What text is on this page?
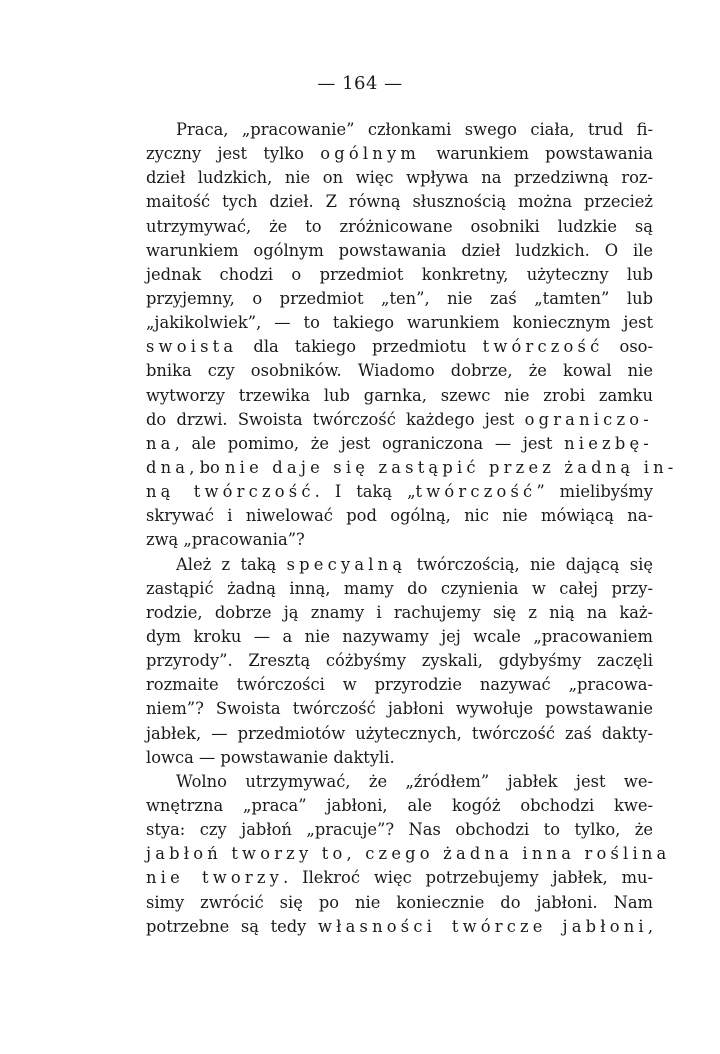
— 164 —
Praca, „pracowanie” członkami swego ciała, trud fi-
zyczny jest tylko ogólnym warunkiem powstawania
dzieł ludzkich, nie on więc wpływa na przedziwną roz-
maitość tych dzieł. Z równą słusznością można przecież
utrzymywać, że to zróżnicowane osobniki ludzkie są
warunkiem ogólnym powstawania dzieł ludzkich. O ile
jednak chodzi o przedmiot konkretny, użyteczny lub
przyjemny, o przedmiot „ten”, nie zaś „tamten” lub
„jakikolwiek”, — to takiego warunkiem koniecznym jest
swoista dla takiego przedmiotu twórczość oso-
bnika czy osobników. Wiadomo dobrze, że kowal nie
wytworzy trzewika lub garnka, szewc nie zrobi zamku
do drzwi. Swoista twórczość każdego jest ograniczo-
na, ale pomimo, że jest ograniczona — jest niezbę-
dna, bo nie daje się zastąpić przez żadną in-
ną twórczość. I taką „twórczość” mielibyśmy
skrywać i niwelować pod ogólną, nic nie mówiącą na-
zwą „pracowania”?
Ależ z taką specyalną twórczością, nie dającą się
zastąpić żadną inną, mamy do czynienia w całej przy-
rodzie, dobrze ją znamy i rachujemy się z nią na każ-
dym kroku — a nie nazywamy jej wcale „pracowaniem
przyrody”. Zresztą cóżbyśmy zyskali, gdybyśmy zaczęli
rozmaite twórczości w przyrodzie nazywać „pracowa-
niem”? Swoista twórczość jabłoni wywołuje powstawanie
jabłek, — przedmiotów użytecznych, twórczość zaś dakty-
lowca — powstawanie daktyli.
Wolno utrzymywać, że „źródłem” jabłek jest we-
wnętrzna „praca” jabłoni, ale kogóż obchodzi kwe-
stya: czy jabłoń „pracuje”? Nas obchodzi to tylko, że
jabłoń tworzy to, czego żadna inna roślina
nie tworzy. Ilekroć więc potrzebujemy jabłek, mu-
simy zwrócić się po nie koniecznie do jabłoni. Nam
potrzebne są tedy własności twórcze jabłoni,
